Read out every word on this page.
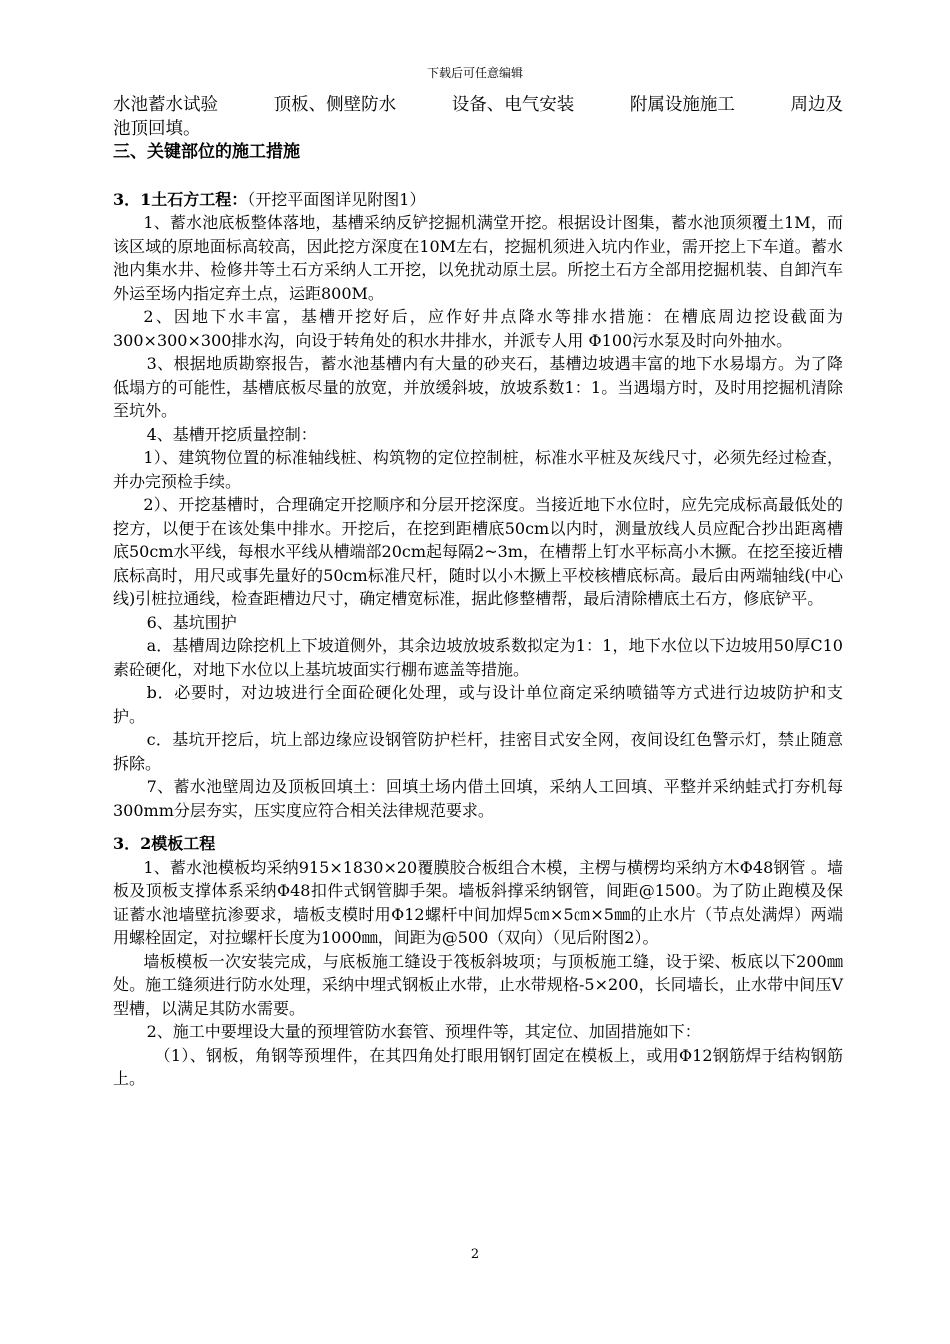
下载后可任意编辑
水池蓄水试验	顶板、侧壁防水	设备、电气安装	附属设施施工	周边及

池顶回填。

三、关键部位的施工措施

3．1土石方工程：（开挖平面图详见附图1）

1、蓄水池底板整体落地，基槽采纳反铲挖掘机满堂开挖。根据设计图集，蓄水池顶须覆土1M，而该区域的原地面标高较高，因此挖方深度在10M左右，挖掘机须进入坑内作业，需开挖上下车道。蓄水池内集水井、检修井等土石方采纳人工开挖，以免扰动原土层。所挖土石方全部用挖掘机装、自卸汽车外运至场内指定弃土点，运距800M。

2、因地下水丰富，基槽开挖好后，应作好井点降水等排水措施：在槽底周边挖设截面为300×300×300排水沟，向设于转角处的积水井排水，并派专人用 Φ100污水泵及时向外抽水。

3、根据地质勘察报告，蓄水池基槽内有大量的砂夹石，基槽边坡遇丰富的地下水易塌方。为了降低塌方的可能性，基槽底板尽量的放宽，并放缓斜坡，放坡系数1：1。当遇塌方时，及时用挖掘机清除至坑外。

4、基槽开挖质量控制：

1）、建筑物位置的标准轴线桩、构筑物的定位控制桩，标准水平桩及灰线尺寸，必须先经过检查，并办完预检手续。

2）、开挖基槽时，合理确定开挖顺序和分层开挖深度。当接近地下水位时，应先完成标高最低处的挖方，以便于在该处集中排水。开挖后，在挖到距槽底50cm以内时，测量放线人员应配合抄出距离槽底50cm水平线，每根水平线从槽端部20cm起每隔2~3m，在槽帮上钉水平标高小木撅。在挖至接近槽底标高时，用尺或事先量好的50cm标准尺杆，随时以小木撅上平校核槽底标高。最后由两端轴线(中心线)引桩拉通线，检查距槽边尺寸，确定槽宽标准，据此修整槽帮，最后清除槽底土石方，修底铲平。

6、基坑围护

a．基槽周边除挖机上下坡道侧外，其余边坡放坡系数拟定为1：1，地下水位以下边坡用50厚C10素砼硬化，对地下水位以上基坑坡面实行棚布遮盖等措施。

b．必要时，对边坡进行全面砼硬化处理，或与设计单位商定采纳喷锚等方式进行边坡防护和支护。

c．基坑开挖后，坑上部边缘应设钢管防护栏杆，挂密目式安全网，夜间设红色警示灯，禁止随意拆除。

7、蓄水池壁周边及顶板回填土：回填土场内借土回填，采纳人工回填、平整并采纳蛙式打夯机每300mm分层夯实，压实度应符合相关法律规范要求。

3．2模板工程

1、蓄水池模板均采纳915×1830×20覆膜胶合板组合木模，主楞与横楞均采纳方木Φ48钢管 。墙板及顶板支撑体系采纳Φ48扣件式钢管脚手架。墙板斜撑采纳钢管，间距@1500。为了防止跑模及保证蓄水池墙壁抗渗要求，墙板支模时用Φ12螺杆中间加焊5㎝×5㎝×5㎜的止水片（节点处满焊）两端用螺栓固定，对拉螺杆长度为1000㎜，间距为@500（双向）（见后附图2）。

墙板模板一次安装完成，与底板施工缝设于筏板斜坡项；与顶板施工缝，设于梁、板底以下200㎜处。施工缝须进行防水处理，采纳中埋式钢板止水带，止水带规格-5×200，长同墙长，止水带中间压V型槽，以满足其防水需要。

2、施工中要埋设大量的预埋管防水套管、预埋件等，其定位、加固措施如下：

（1）、钢板，角钢等预埋件，在其四角处打眼用钢钉固定在模板上，或用Φ12钢筋焊于结构钢筋上。

2
